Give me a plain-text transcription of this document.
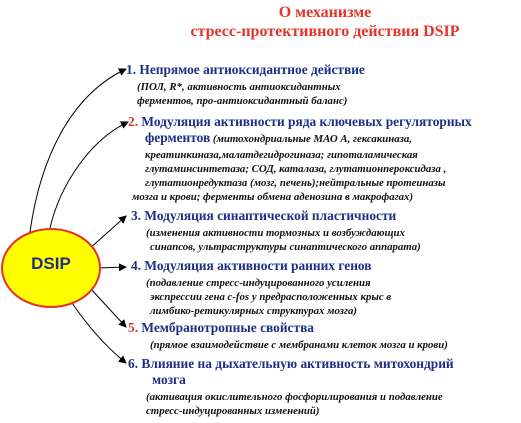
О механизме
стресс-протективного действия DSIP
DSIP
1. Непрямое антиоксидантное действие
(ПОЛ, R*, активность антиоксидантных
ферментов, про-антиоксидантный баланс)
2. Модуляция активности ряда ключевых регуляторных
ферментов (митохондриальные МАО А, гексакиназа,
креатинкиназа,малатдегидрогиназа; гипоталамическая
глутаминсинтетаза; СОД, каталаза, глутатионпероксидаза ,
глутатионредуктаза (мозг, печень);нейтральные протеиназы
мозга и крови; ферменты обмена аденозина в макрофагах)
3. Модуляция синаптической пластичности
(изменения активности тормозных и возбуждающих
синапсов, ультраструктуры синаптического аппарата)
4. Модуляция активности ранних генов
(подавление стресс-индуцированного усиления
экспрессии гена c-fos у предрасположенных крыс в
лимбико-ретикулярных структурах мозга)
5. Мембранотропные свойства
(прямое взаимодействие с мембранами клеток мозга и крови)
6. Влияние на дыхательную активность митохондрий
мозга
(активация окислительного фосфорилирования и подавление
стресс-индуцированных изменений)
